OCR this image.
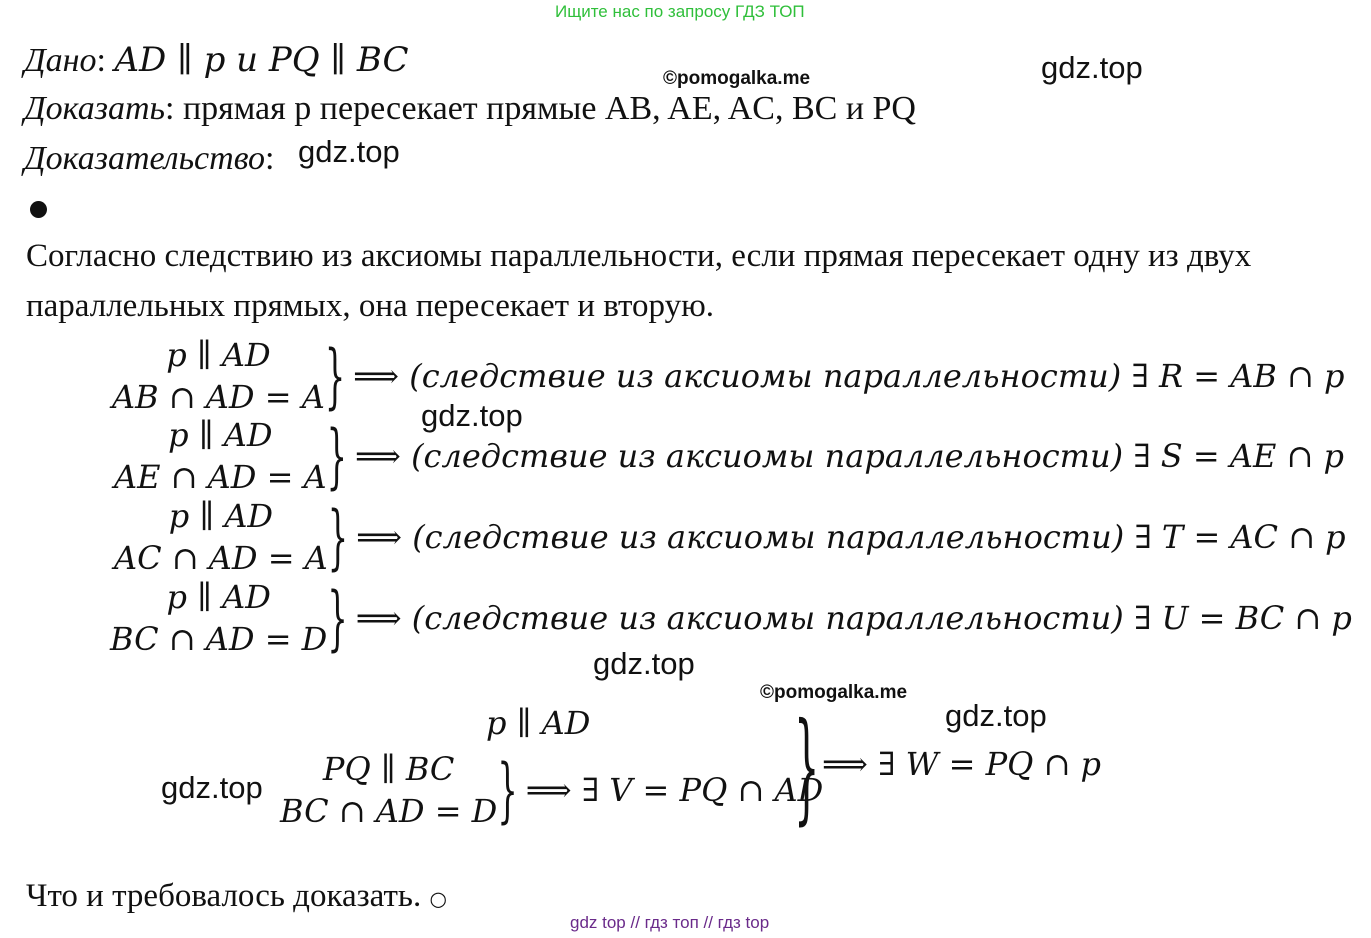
Ищите нас по запросу ГДЗ ТОП
Дано: AD ∥ p и PQ ∥ BC	©pomogalka.me	gdz.top
Доказать: прямая p пересекает прямые AB, AE, AC, BC и PQ
Доказательство: gdz.top
Согласно следствию из аксиомы параллельности, если прямая пересекает одну из двух
параллельных прямых, она пересекает и вторую.
p ∥ AD
AB ∩ AD = A } ⟹ (следствие из аксиомы параллельности) ∃ R = AB ∩ p
gdz.top
p ∥ AD
AE ∩ AD = A } ⟹ (следствие из аксиомы параллельности) ∃ S = AE ∩ p
p ∥ AD
AC ∩ AD = A } ⟹ (следствие из аксиомы параллельности) ∃ T = AC ∩ p
p ∥ AD
BC ∩ AD = D } ⟹ (следствие из аксиомы параллельности) ∃ U = BC ∩ p
gdz.top
©pomogalka.me
gdz.top
gdz.top
p ∥ AD
PQ ∥ BC
BC ∩ AD = D } ⟹ ∃ V = PQ ∩ AD
} ⟹ ∃ W = PQ ∩ p
Что и требовалось доказать. ○
gdz top // гдз топ // гдз top
